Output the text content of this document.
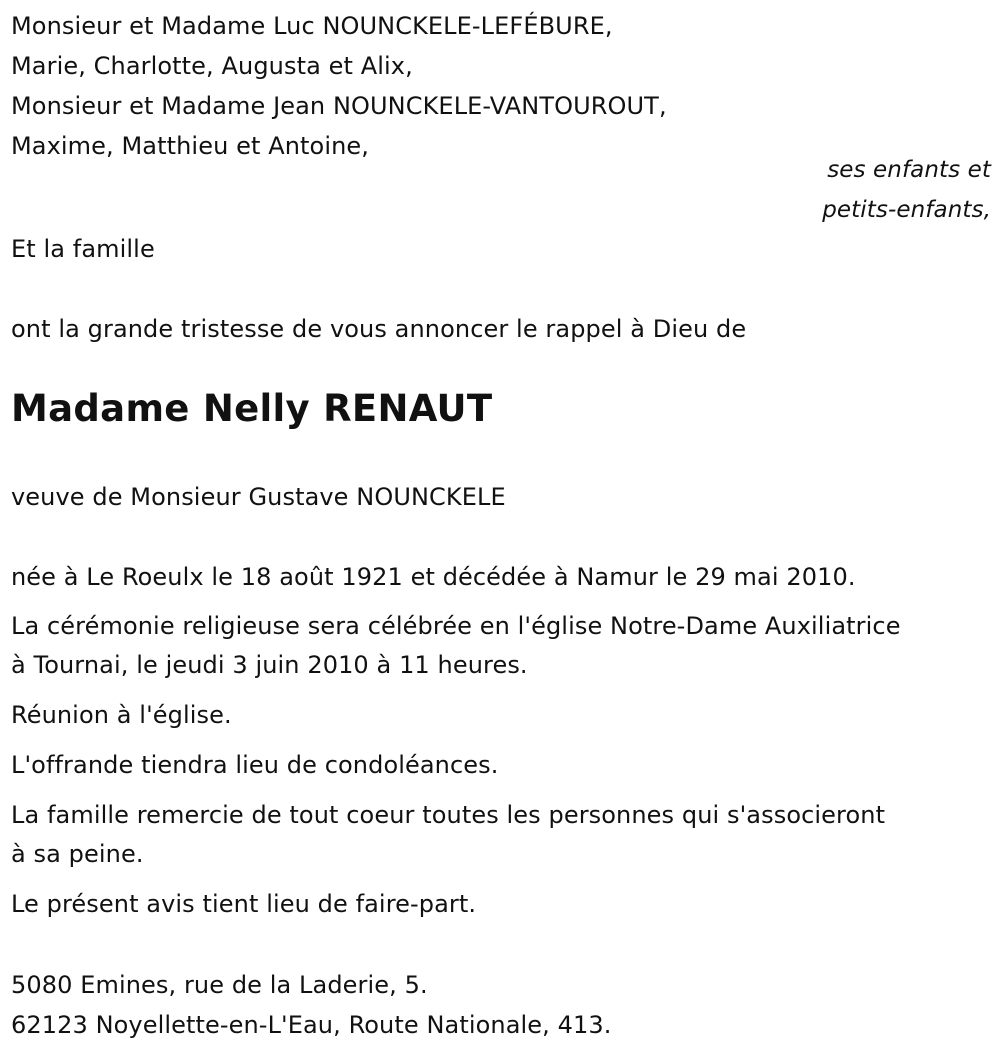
Monsieur et Madame Luc NOUNCKELE-LEFÉBURE,
Marie, Charlotte, Augusta et Alix,
Monsieur et Madame Jean NOUNCKELE-VANTOUROUT,
Maxime, Matthieu et Antoine,
ses enfants et
petits-enfants,
Et la famille
ont la grande tristesse de vous annoncer le rappel à Dieu de
Madame Nelly RENAUT
veuve de Monsieur Gustave NOUNCKELE
née à Le Roeulx le 18 août 1921 et décédée à Namur le 29 mai 2010.
La cérémonie religieuse sera célébrée en l'église Notre-Dame Auxiliatrice
à Tournai, le jeudi 3 juin 2010 à 11 heures.
Réunion à l'église.
L'offrande tiendra lieu de condoléances.
La famille remercie de tout coeur toutes les personnes qui s'associeront
à sa peine.
Le présent avis tient lieu de faire-part.
5080 Emines, rue de la Laderie, 5.
62123 Noyellette-en-L'Eau, Route Nationale, 413.
